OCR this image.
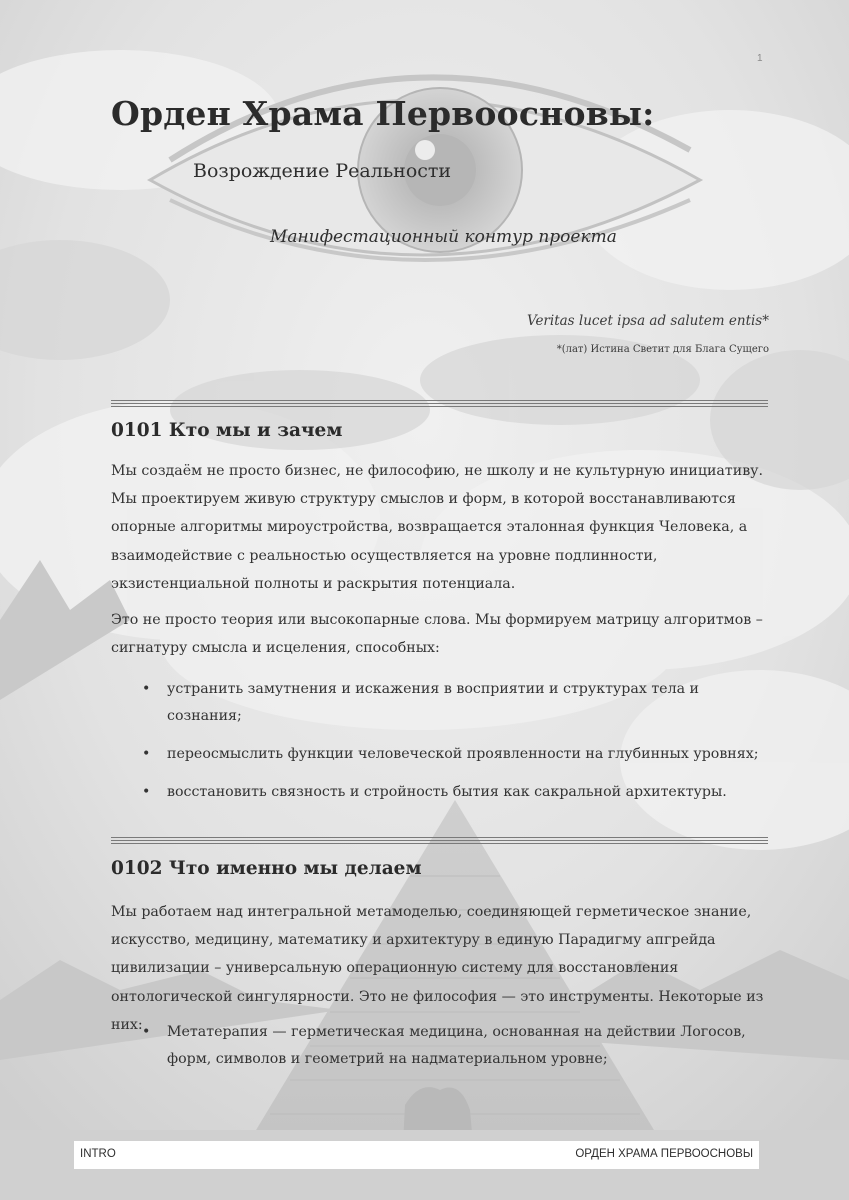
1
Орден Храма Первоосновы:
Возрождение Реальности
Манифестационный контур проекта
Veritas lucet ipsa ad salutem entis*
*(лат) Истина Светит для Блага Сущего
0101 Кто мы и зачем

Мы создаём не просто бизнес, не философию, не школу и не культурную инициативу. Мы проектируем живую структуру смыслов и форм, в которой восстанавливаются опорные алгоритмы мироустройства, возвращается эталонная функция Человека, а взаимодействие с реальностью осуществляется на уровне подлинности, экзистенциальной полноты и раскрытия потенциала.

Это не просто теория или высокопарные слова. Мы формируем матрицу алгоритмов – сигнатуру смысла и исцеления, способных:

• устранить замутнения и искажения в восприятии и структурах тела и сознания;
• переосмыслить функции человеческой проявленности на глубинных уровнях;
• восстановить связность и стройность бытия как сакральной архитектуры.
0102 Что именно мы делаем

Мы работаем над интегральной метамоделью, соединяющей герметическое знание, искусство, медицину, математику и архитектуру в единую Парадигму апгрейда цивилизации – универсальную операционную систему для восстановления онтологической сингулярности. Это не философия — это инструменты. Некоторые из них:

•	Метатерапия — герметическая медицина, основанная на действии Логосов, форм, символов и геометрий на надматериальном уровне;
INTRO	ОРДЕН ХРАМА ПЕРВООСНОВЫ
